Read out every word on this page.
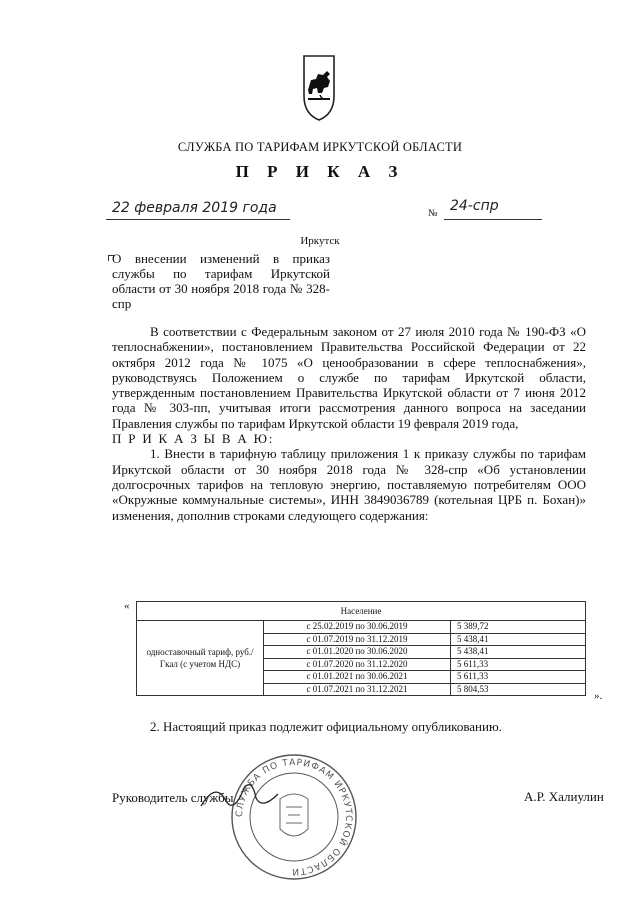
СЛУЖБА ПО ТАРИФАМ ИРКУТСКОЙ ОБЛАСТИ
П Р И К А З
22 февраля 2019 года	№ 24-спр
Иркутск
О внесении изменений в приказ службы по тарифам Иркутской области от 30 ноября 2018 года № 328-спр

В соответствии с Федеральным законом от 27 июля 2010 года № 190-ФЗ «О теплоснабжении», постановлением Правительства Российской Федерации от 22 октября 2012 года № 1075 «О ценообразовании в сфере теплоснабжения», руководствуясь Положением о службе по тарифам Иркутской области, утвержденным постановлением Правительства Иркутской области от 7 июня 2012 года № 303-пп, учитывая итоги рассмотрения данного вопроса на заседании Правления службы по тарифам Иркутской области 19 февраля 2019 года,

П Р И К А З Ы В А Ю:

1. Внести в тарифную таблицу приложения 1 к приказу службы по тарифам Иркутской области от 30 ноября 2018 года № 328-спр «Об установлении долгосрочных тарифов на тепловую энергию, поставляемую потребителям ООО «Окружные коммунальные системы», ИНН 3849036789 (котельная ЦРБ п. Бохан)» изменения, дополнив строками следующего содержания:

«	Население		
одноставочный тариф, руб./Гкал (с учетом НДС)	с 25.02.2019 по 30.06.2019	5 389,72
	с 01.07.2019 по 31.12.2019	5 438,41
	с 01.01.2020 по 30.06.2020	5 438,41
	с 01.07.2020 по 31.12.2020	5 611,33
	с 01.01.2021 по 30.06.2021	5 611,33
	с 01.07.2021 по 31.12.2021	5 804,53
».
2. Настоящий приказ подлежит официальному опубликованию.
Руководитель службы	А.Р. Халиулин
СЛУЖБА ПО ТАРИФАМ ИРКУТСКОЙ ОБЛАСТИ
